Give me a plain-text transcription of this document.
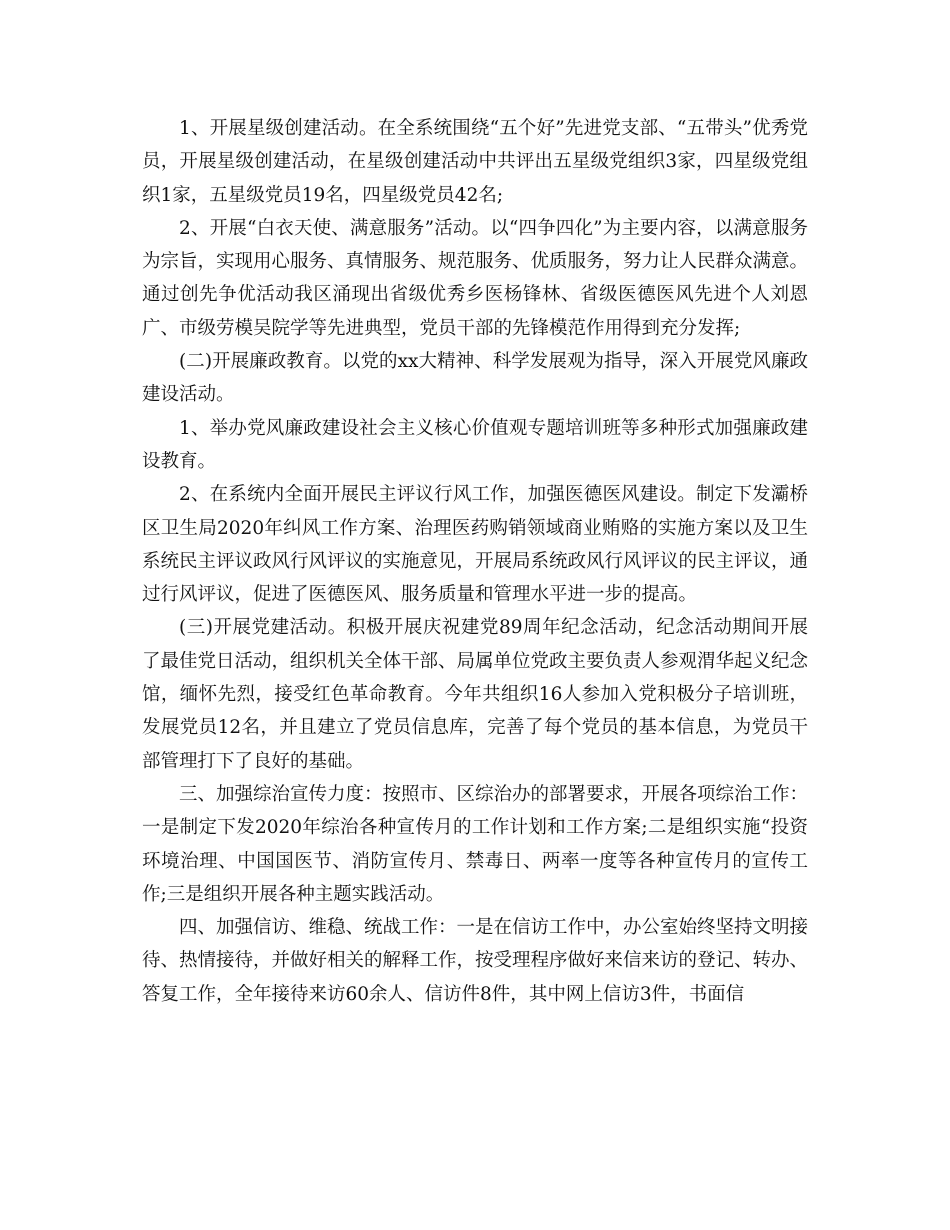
1、开展星级创建活动。在全系统围绕“五个好”先进党支部、“五带头”优秀党员，开展星级创建活动，在星级创建活动中共评出五星级党组织3家，四星级党组织1家，五星级党员19名，四星级党员42名;

2、开展“白衣天使、满意服务”活动。以“四争四化”为主要内容，以满意服务为宗旨，实现用心服务、真情服务、规范服务、优质服务，努力让人民群众满意。通过创先争优活动我区涌现出省级优秀乡医杨锋林、省级医德医风先进个人刘恩广、市级劳模吴院学等先进典型，党员干部的先锋模范作用得到充分发挥;

(二)开展廉政教育。以党的xx大精神、科学发展观为指导，深入开展党风廉政建设活动。

1、举办党风廉政建设社会主义核心价值观专题培训班等多种形式加强廉政建设教育。

2、在系统内全面开展民主评议行风工作，加强医德医风建设。制定下发灞桥区卫生局2020年纠风工作方案、治理医药购销领域商业贿赂的实施方案以及卫生系统民主评议政风行风评议的实施意见，开展局系统政风行风评议的民主评议，通过行风评议，促进了医德医风、服务质量和管理水平进一步的提高。

(三)开展党建活动。积极开展庆祝建党89周年纪念活动，纪念活动期间开展了最佳党日活动，组织机关全体干部、局属单位党政主要负责人参观渭华起义纪念馆，缅怀先烈，接受红色革命教育。今年共组织16人参加入党积极分子培训班，发展党员12名，并且建立了党员信息库，完善了每个党员的基本信息，为党员干部管理打下了良好的基础。

三、加强综治宣传力度：按照市、区综治办的部署要求，开展各项综治工作：一是制定下发2020年综治各种宣传月的工作计划和工作方案;二是组织实施“投资环境治理、中国国医节、消防宣传月、禁毒日、两率一度等各种宣传月的宣传工作;三是组织开展各种主题实践活动。

四、加强信访、维稳、统战工作：一是在信访工作中，办公室始终坚持文明接待、热情接待，并做好相关的解释工作，按受理程序做好来信来访的登记、转办、答复工作，全年接待来访60余人、信访件8件，其中网上信访3件，书面信
